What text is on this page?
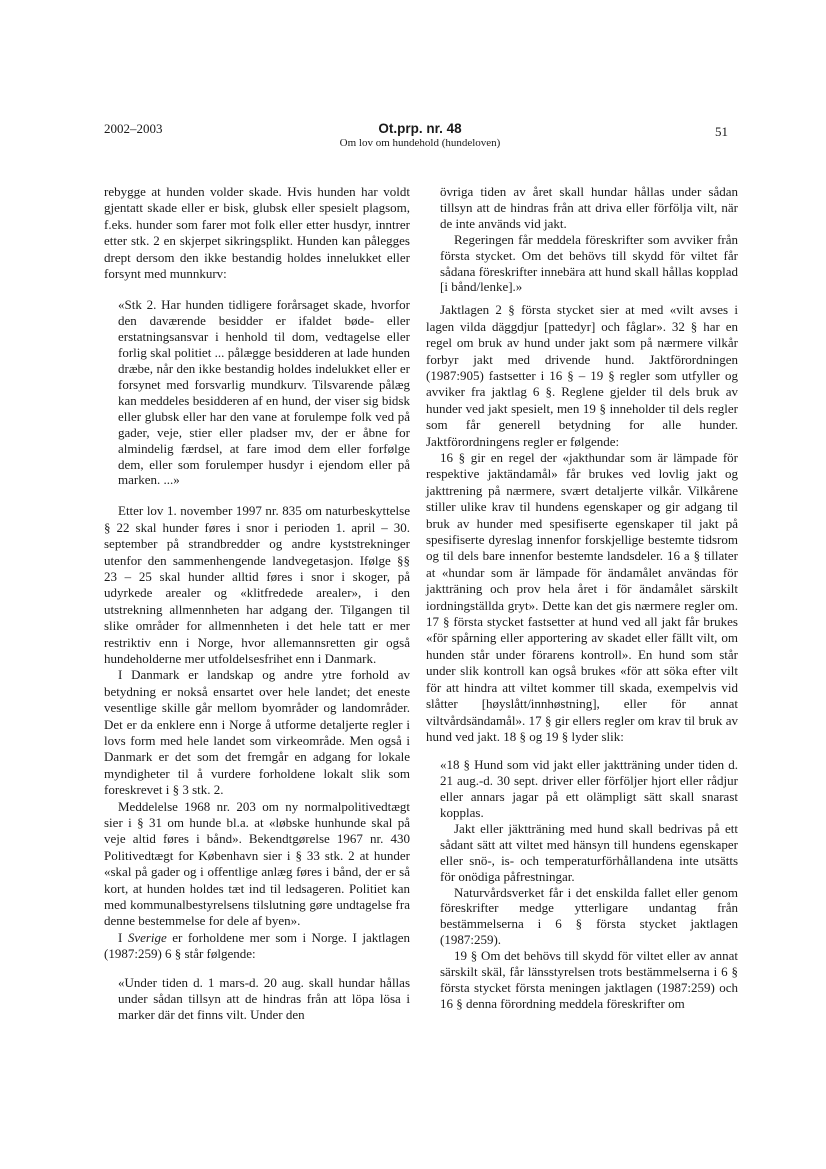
2002–2003	Ot.prp. nr. 48
Om lov om hundehold (hundeloven)
51

rebygge at hunden volder skade. Hvis hunden har voldt gjentatt skade eller er bisk, glubsk eller spesielt plagsom, f.eks. hunder som farer mot folk eller etter husdyr, inntrer etter stk. 2 en skjerpet sikringsplikt. Hunden kan pålegges drept dersom den ikke bestandig holdes innelukket eller forsynt med munnkurv:

«Stk 2. Har hunden tidligere forårsaget skade, hvorfor den daværende besidder er ifaldet bøde- eller erstatningsansvar i henhold til dom, vedtagelse eller forlig skal politiet ... pålægge besidderen at lade hunden dræbe, når den ikke bestandig holdes indelukket eller er forsynet med forsvarlig mundkurv. Tilsvarende pålæg kan meddeles besidderen af en hund, der viser sig bidsk eller glubsk eller har den vane at forulempe folk ved på gader, veje, stier eller pladser mv, der er åbne for almindelig færdsel, at fare imod dem eller forfølge dem, eller som forulemper husdyr i ejendom eller på marken. ...»

Etter lov 1. november 1997 nr. 835 om naturbeskyttelse § 22 skal hunder føres i snor i perioden 1. april – 30. september på strandbredder og andre kyststrekninger utenfor den sammenhengende landvegetasjon. Ifølge §§ 23 – 25 skal hunder alltid føres i snor i skoger, på udyrkede arealer og «klitfredede arealer», i den utstrekning allmennheten har adgang der. Tilgangen til slike områder for allmennheten i det hele tatt er mer restriktiv enn i Norge, hvor allemannsretten gir også hundeholderne mer utfoldelsesfrihet enn i Danmark.

I Danmark er landskap og andre ytre forhold av betydning er nokså ensartet over hele landet; det eneste vesentlige skille går mellom byområder og landområder. Det er da enklere enn i Norge å utforme detaljerte regler i lovs form med hele landet som virkeområde. Men også i Danmark er det som det fremgår en adgang for lokale myndigheter til å vurdere forholdene lokalt slik som foreskrevet i § 3 stk. 2.

Meddelelse 1968 nr. 203 om ny normalpolitivedtægt sier i § 31 om hunde bl.a. at «løbske hunhunde skal på veje altid føres i bånd». Bekendtgørelse 1967 nr. 430 Politivedtægt for København sier i § 33 stk. 2 at hunder «skal på gader og i offentlige anlæg føres i bånd, der er så kort, at hunden holdes tæt ind til ledsageren. Politiet kan med kommunalbestyrelsens tilslutning gøre undtagelse fra denne bestemmelse for dele af byen».

I Sverige er forholdene mer som i Norge. I jaktlagen (1987:259) 6 § står følgende:

«Under tiden d. 1 mars-d. 20 aug. skall hundar hållas under sådan tillsyn att de hindras från att löpa lösa i marker där det finns vilt. Under den

övriga tiden av året skall hundar hållas under sådan tillsyn att de hindras från att driva eller förfölja vilt, när de inte används vid jakt.

Regeringen får meddela föreskrifter som avviker från första stycket. Om det behövs till skydd för viltet får sådana föreskrifter innebära att hund skall hållas kopplad [i bånd/lenke].»

Jaktlagen 2 § första stycket sier at med «vilt avses i lagen vilda däggdjur [pattedyr] och fåglar». 32 § har en regel om bruk av hund under jakt som på nærmere vilkår forbyr jakt med drivende hund. Jaktförordningen (1987:905) fastsetter i 16 § – 19 § regler som utfyller og avviker fra jaktlag 6 §. Reglene gjelder til dels bruk av hunder ved jakt spesielt, men 19 § inneholder til dels regler som får generell betydning for alle hunder. Jaktförordningens regler er følgende:

16 § gir en regel der «jakthundar som är lämpade för respektive jaktändamål» får brukes ved lovlig jakt og jakttrening på nærmere, svært detaljerte vilkår. Vilkårene stiller ulike krav til hundens egenskaper og gir adgang til bruk av hunder med spesifiserte egenskaper til jakt på spesifiserte dyreslag innenfor forskjellige bestemte tidsrom og til dels bare innenfor bestemte landsdeler. 16 a § tillater at «hundar som är lämpade för ändamålet användas för jaktträning och prov hela året i för ändamålet särskilt iordningställda gryt». Dette kan det gis nærmere regler om. 17 § första stycket fastsetter at hund ved all jakt får brukes «för spårning eller apportering av skadet eller fällt vilt, om hunden står under förarens kontroll». En hund som står under slik kontroll kan også brukes «för att söka efter vilt för att hindra att viltet kommer till skada, exempelvis vid slåtter [høyslått/innhøstning], eller för annat viltvårdsändamål». 17 § gir ellers regler om krav til bruk av hund ved jakt. 18 § og 19 § lyder slik:

«18 § Hund som vid jakt eller jaktträning under tiden d. 21 aug.-d. 30 sept. driver eller förföljer hjort eller rådjur eller annars jagar på ett olämpligt sätt skall snarast kopplas.

Jakt eller jäktträning med hund skall bedrivas på ett sådant sätt att viltet med hänsyn till hundens egenskaper eller snö-, is- och temperaturförhållandena inte utsätts för onödiga påfrestningar.

Naturvårdsverket får i det enskilda fallet eller genom föreskrifter medge ytterligare undantag från bestämmelserna i 6 § första stycket jaktlagen (1987:259).

19 § Om det behövs till skydd för viltet eller av annat särskilt skäl, får länsstyrelsen trots bestämmelserna i 6 § första stycket första meningen jaktlagen (1987:259) och 16 § denna förordning meddela föreskrifter om
